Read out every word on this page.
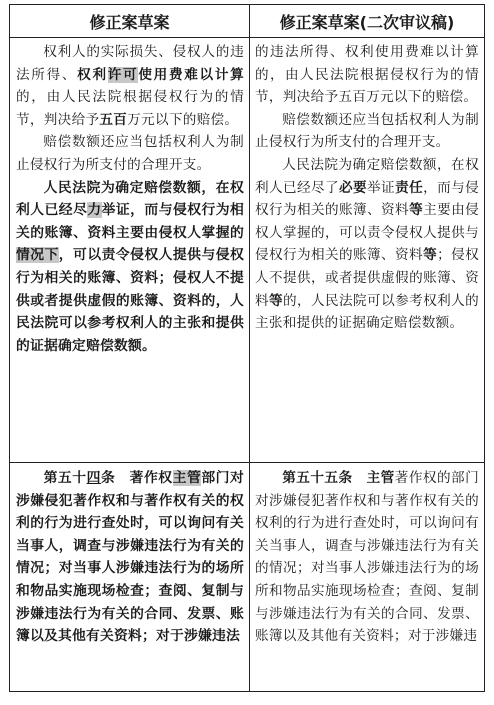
修正案草案	修正案草案(二次审议稿)

权利人的实际损失、侵权人的违法所得、权利许可使用费难以计算的，由人民法院根据侵权行为的情节，判决给予五百万元以下的赔偿。

赔偿数额还应当包括权利人为制止侵权行为所支付的合理开支。

人民法院为确定赔偿数额，在权利人已经尽力举证，而与侵权行为相关的账簿、资料主要由侵权人掌握的情况下，可以责令侵权人提供与侵权行为相关的账簿、资料；侵权人不提供或者提供虚假的账簿、资料的，人民法院可以参考权利人的主张和提供的证据确定赔偿数额。

的违法所得、权利使用费难以计算的，由人民法院根据侵权行为的情节，判决给予五百万元以下的赔偿。

赔偿数额还应当包括权利人为制止侵权行为所支付的合理开支。

人民法院为确定赔偿数额，在权利人已经尽了必要举证责任，而与侵权行为相关的账簿、资料等主要由侵权人掌握的，可以责令侵权人提供与侵权行为相关的账簿、资料等；侵权人不提供，或者提供虚假的账簿、资料等的，人民法院可以参考权利人的主张和提供的证据确定赔偿数额。

第五十四条　著作权主管部门对涉嫌侵犯著作权和与著作权有关的权利的行为进行查处时，可以询问有关当事人，调查与涉嫌违法行为有关的情况；对当事人涉嫌违法行为的场所和物品实施现场检查；查阅、复制与涉嫌违法行为有关的合同、发票、账簿以及其他有关资料；对于涉嫌违法

第五十五条　 主管著作权的部门对涉嫌侵犯著作权和与著作权有关的权利的行为进行查处时，可以询问有关当事人，调查与涉嫌违法行为有关的情况；对当事人涉嫌违法行为的场所和物品实施现场检查；查阅、复制与涉嫌违法行为有关的合同、发票、账簿以及其他有关资料；对于涉嫌违
